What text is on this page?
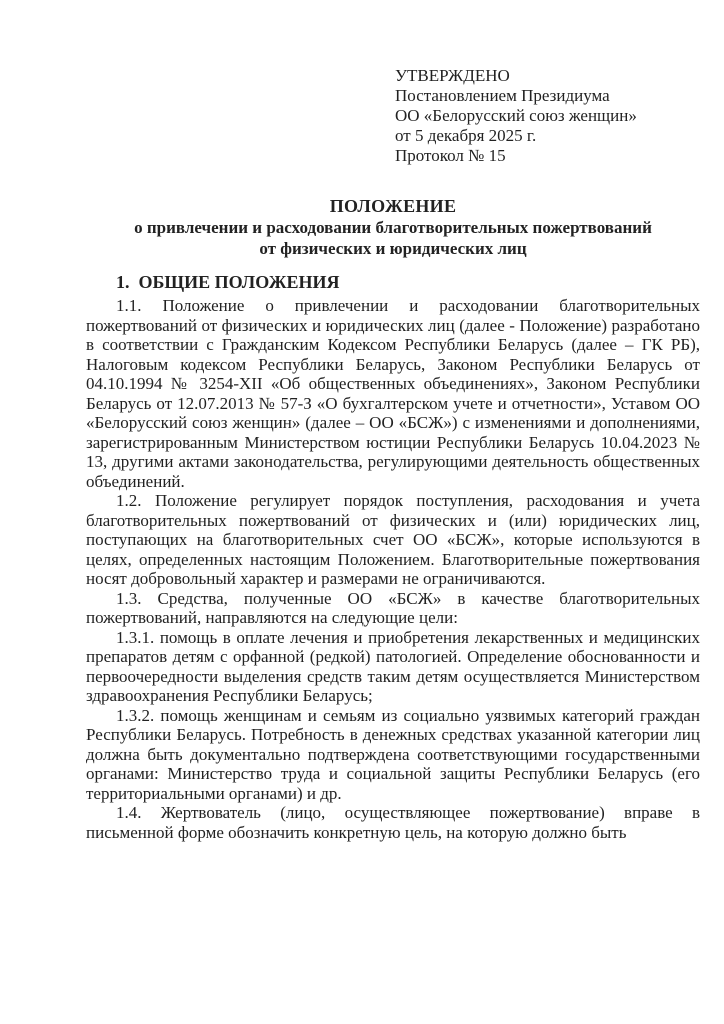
УТВЕРЖДЕНО
Постановлением Президиума
ОО «Белорусский союз женщин»
от 5 декабря 2025 г.
Протокол № 15
ПОЛОЖЕНИЕ
о привлечении и расходовании благотворительных пожертвований
от физических и юридических лиц
1. ОБЩИЕ ПОЛОЖЕНИЯ

1.1. Положение о привлечении и расходовании благотворительных пожертвований от физических и юридических лиц (далее - Положение) разработано в соответствии с Гражданским Кодексом Республики Беларусь (далее – ГК РБ), Налоговым кодексом Республики Беларусь, Законом Республики Беларусь от 04.10.1994 № 3254-XII «Об общественных объединениях», Законом Республики Беларусь от 12.07.2013 № 57-З «О бухгалтерском учете и отчетности», Уставом ОО «Белорусский союз женщин» (далее – ОО «БСЖ») с изменениями и дополнениями, зарегистрированным Министерством юстиции Республики Беларусь 10.04.2023 № 13, другими актами законодательства, регулирующими деятельность общественных объединений.

1.2. Положение регулирует порядок поступления, расходования и учета благотворительных пожертвований от физических и (или) юридических лиц, поступающих на благотворительных счет ОО «БСЖ», которые используются в целях, определенных настоящим Положением. Благотворительные пожертвования носят добровольный характер и размерами не ограничиваются.

1.3. Средства, полученные ОО «БСЖ» в качестве благотворительных пожертвований, направляются на следующие цели:

1.3.1. помощь в оплате лечения и приобретения лекарственных и медицинских препаратов детям с орфанной (редкой) патологией. Определение обоснованности и первоочередности выделения средств таким детям осуществляется Министерством здравоохранения Республики Беларусь;

1.3.2. помощь женщинам и семьям из социально уязвимых категорий граждан Республики Беларусь. Потребность в денежных средствах указанной категории лиц должна быть документально подтверждена соответствующими государственными органами: Министерство труда и социальной защиты Республики Беларусь (его территориальными органами) и др.

1.4. Жертвователь (лицо, осуществляющее пожертвование) вправе в письменной форме обозначить конкретную цель, на которую должно быть
